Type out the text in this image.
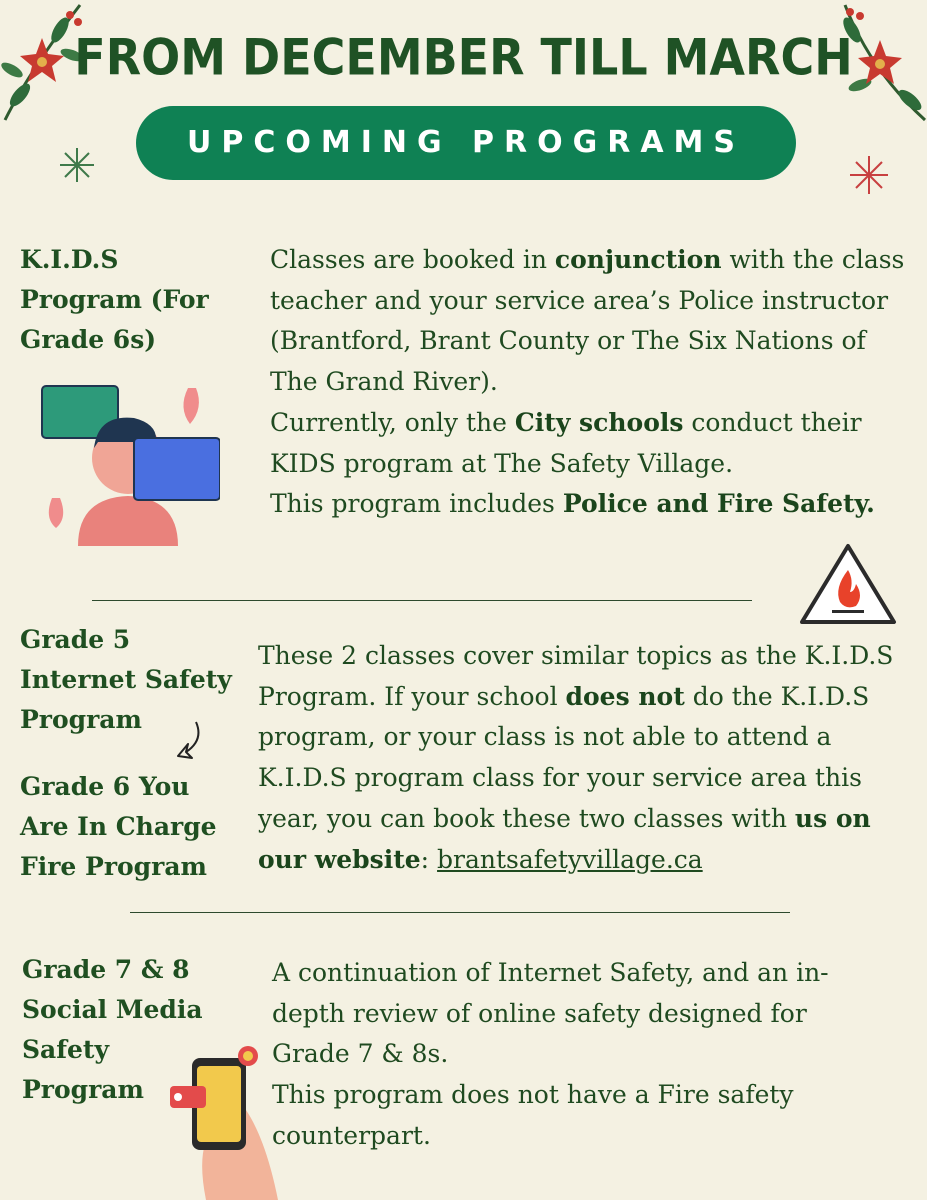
FROM DECEMBER TILL MARCH
UPCOMING PROGRAMS
K.I.D.S
Program (For
Grade 6s)
Classes are booked in conjunction with the class teacher and your service area’s Police instructor (Brantford, Brant County or The Six Nations of The Grand River).
Currently, only the City schools conduct their KIDS program at The Safety Village.
This program includes Police and Fire Safety.
Grade 5
Internet Safety
Program
Grade 6 You
Are In Charge
Fire Program
These 2 classes cover similar topics as the K.I.D.S Program. If your school does not do the K.I.D.S program, or your class is not able to attend a K.I.D.S program class for your service area this year, you can book these two classes with us on our website: brantsafetyvillage.ca
Grade 7 & 8
Social Media
Safety
Program
A continuation of Internet Safety, and an in-depth review of online safety designed for Grade 7 & 8s.
This program does not have a Fire safety counterpart.
